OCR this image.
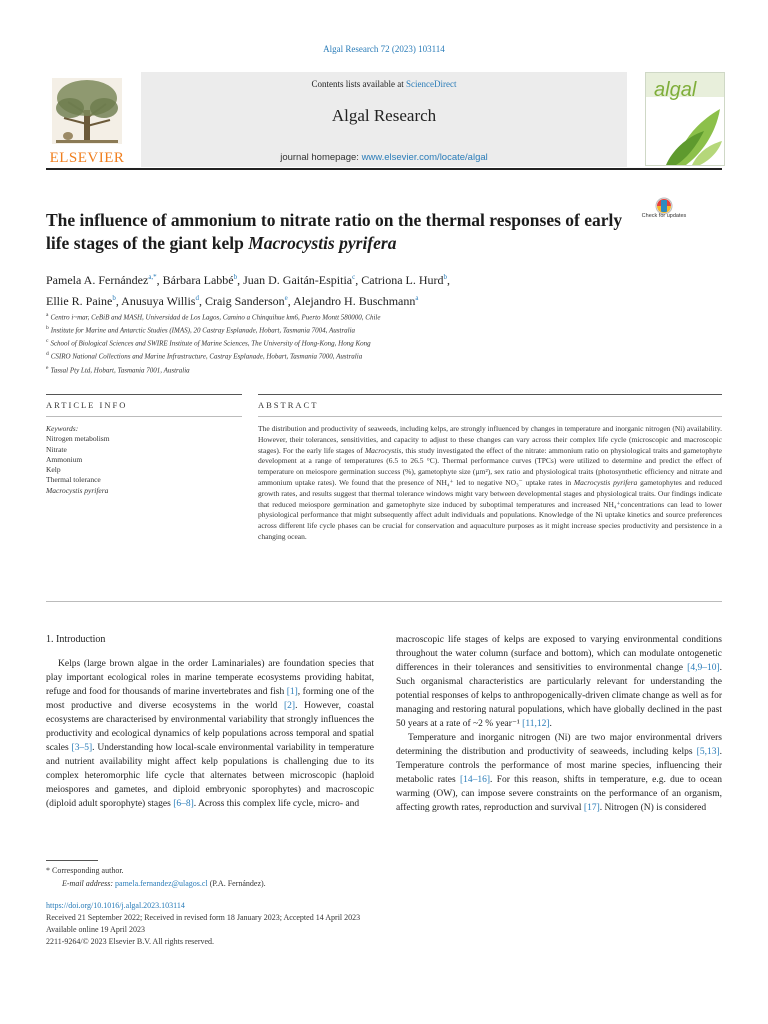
Algal Research 72 (2023) 103114
Contents lists available at ScienceDirect
Algal Research
journal homepage: www.elsevier.com/locate/algal
ELSEVIER
algal
The influence of ammonium to nitrate ratio on the thermal responses of early life stages of the giant kelp Macrocystis pyrifera
Check for updates
Pamela A. Fernández$^{a,*}$, Bárbara Labbé$^b$, Juan D. Gaitán-Espitia$^c$, Catriona L. Hurd$^b$,
Ellie R. Paine$^b$, Anusuya Willis$^d$, Craig Sanderson$^e$, Alejandro H. Buschmann$^a$
$^a$ Centro i~mar, CeBiB and MASH, Universidad de Los Lagos, Camino a Chinquihue km6, Puerto Montt 580000, Chile
$^b$ Institute for Marine and Antarctic Studies (IMAS), 20 Castray Esplanade, Hobart, Tasmania 7004, Australia
$^c$ School of Biological Sciences and SWIRE Institute of Marine Sciences, The University of Hong-Kong, Hong Kong
$^d$ CSIRO National Collections and Marine Infrastructure, Castray Esplanade, Hobart, Tasmania 7000, Australia
$^e$ Tassal Pty Ltd, Hobart, Tasmania 7001, Australia
ARTICLE INFO	ABSTRACT
Keywords:
Nitrogen metabolism
Nitrate
Ammonium
Kelp
Thermal tolerance
Macrocystis pyrifera
The distribution and productivity of seaweeds, including kelps, are strongly influenced by changes in temperature and inorganic nitrogen (Ni) availability. However, their tolerances, sensitivities, and capacity to adjust to these changes can vary across their complex life cycle (microscopic and macroscopic stages). For the early life stages of Macrocystis, this study investigated the effect of the nitrate: ammonium ratio on physiological traits and gametophyte development at a range of temperatures (6.5 to 26.5 °C). Thermal performance curves (TPCs) were utilized to determine and predict the effect of temperature on meiospore germination success (%), gametophyte size (µm²), sex ratio and physiological traits (photosynthetic efficiency and nitrate and ammonium uptake rates). We found that the presence of NH₄⁺ led to negative NO₃⁻ uptake rates in Macrocystis pyrifera gametophytes and reduced growth rates, and results suggest that thermal tolerance windows might vary between developmental stages and physiological traits. Our findings indicate that reduced meiospore germination and gametophyte size induced by suboptimal temperatures and increased NH₄⁺concentrations can lead to lower physiological performance that might subsequently affect adult individuals and populations. Knowledge of the Ni uptake kinetics and source preferences across different life cycle phases can be crucial for conservation and aquaculture purposes as it might increase species productivity and persistence in a changing ocean.
1. Introduction
Kelps (large brown algae in the order Laminariales) are foundation species that play important ecological roles in marine temperate ecosystems providing habitat, refuge and food for thousands of marine invertebrates and fish [1], forming one of the most productive and diverse ecosystems in the world [2]. However, coastal ecosystems are characterised by environmental variability that strongly influences the productivity and ecological dynamics of kelp populations across temporal and spatial scales [3–5]. Understanding how local-scale environmental variability in temperature and nutrient availability might affect kelp populations is challenging due to its complex heteromorphic life cycle that alternates between microscopic (haploid meiospores and gametes, and diploid embryonic sporophytes) and macroscopic (diploid adult sporophyte) stages [6–8]. Across this complex life cycle, micro- and
macroscopic life stages of kelps are exposed to varying environmental conditions throughout the water column (surface and bottom), which can modulate ontogenetic differences in their tolerances and sensitivities to environmental change [4,9–10]. Such organismal characteristics are particularly relevant for understanding the potential responses of kelps to anthropogenically-driven climate change as well as for managing and restoring natural populations, which have globally declined in the past 50 years at a rate of ~2 % year⁻¹ [11,12].
Temperature and inorganic nitrogen (Ni) are two major environmental drivers determining the distribution and productivity of seaweeds, including kelps [5,13]. Temperature controls the performance of most marine species, influencing their metabolic rates [14–16]. For this reason, shifts in temperature, e.g. due to ocean warming (OW), can impose severe constraints on the performance of an organism, affecting growth rates, reproduction and survival [17]. Nitrogen (N) is considered
* Corresponding author.
E-mail address: pamela.fernandez@ulagos.cl (P.A. Fernández).
https://doi.org/10.1016/j.algal.2023.103114
Received 21 September 2022; Received in revised form 18 January 2023; Accepted 14 April 2023
Available online 19 April 2023
2211-9264/© 2023 Elsevier B.V. All rights reserved.
